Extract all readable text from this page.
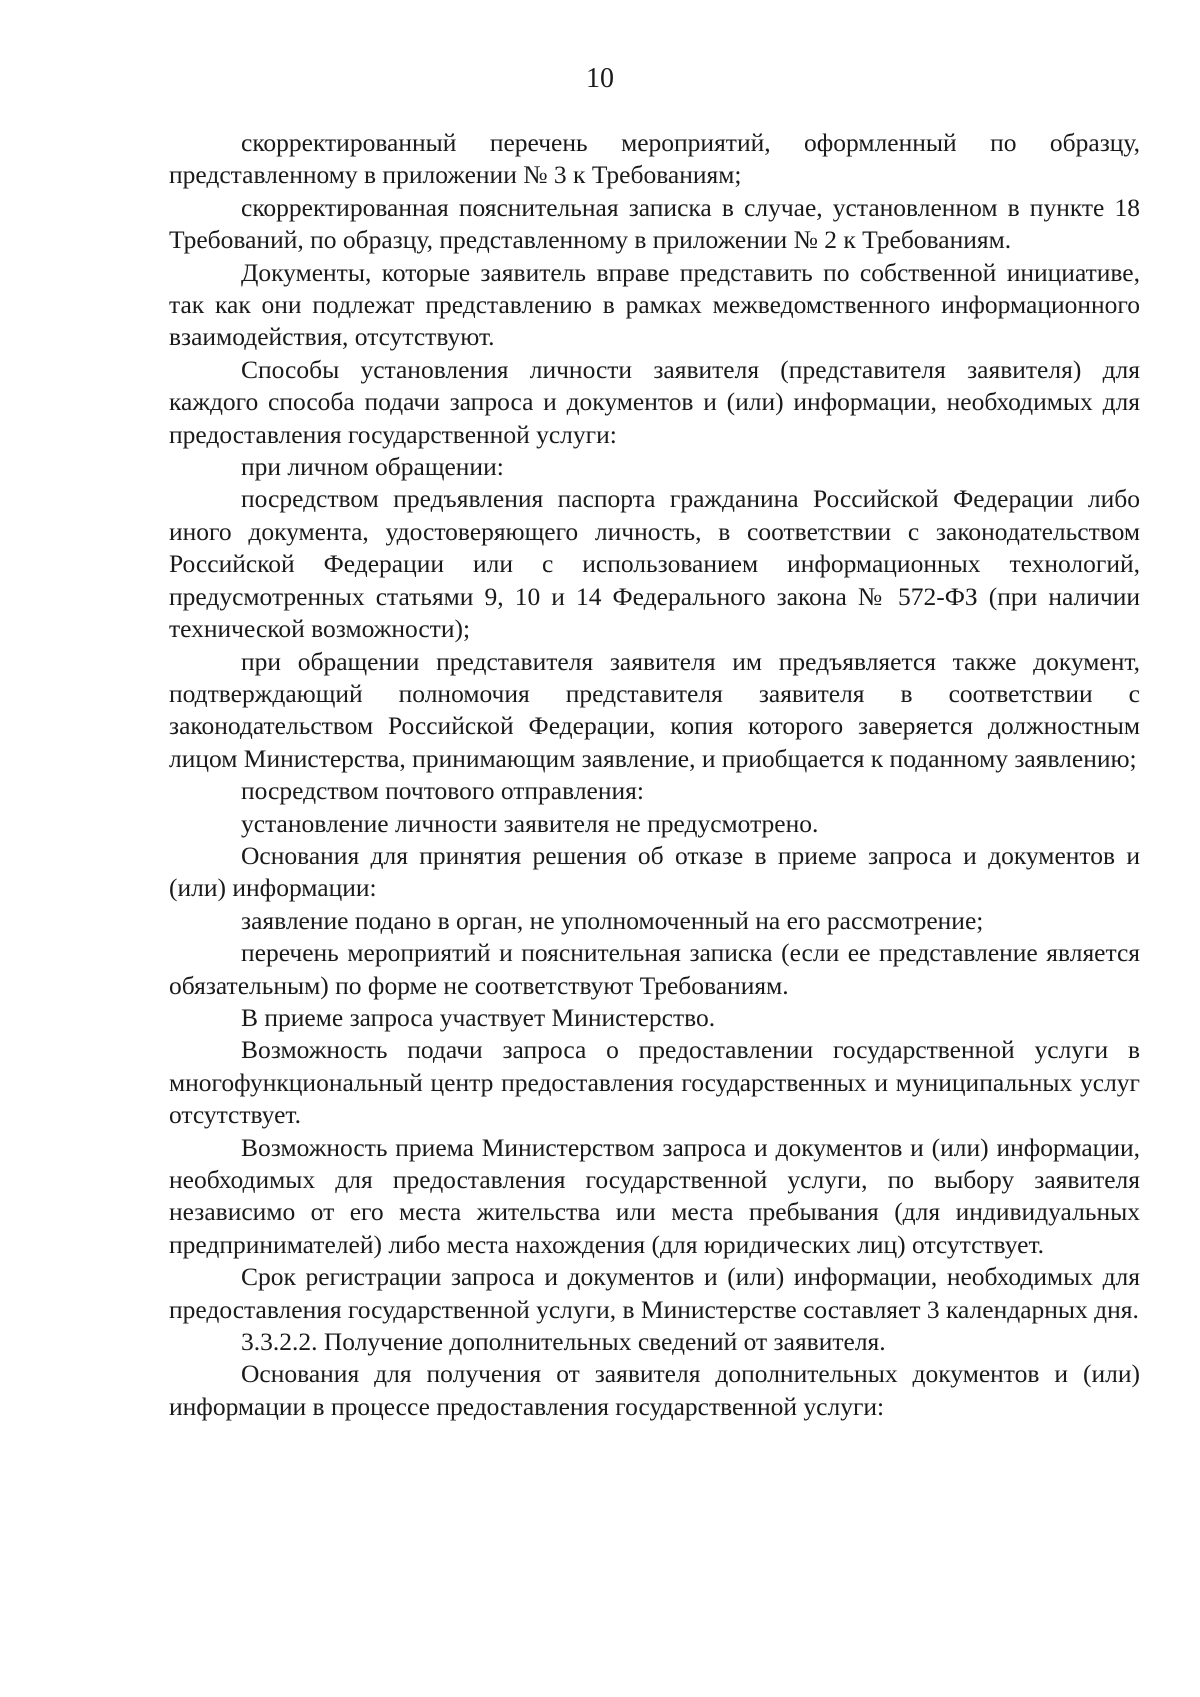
10

скорректированный перечень мероприятий, оформленный по образцу, представленному в приложении № 3 к Требованиям;

скорректированная пояснительная записка в случае, установленном в пункте 18 Требований, по образцу, представленному в приложении № 2 к Требованиям.

Документы, которые заявитель вправе представить по собственной инициативе, так как они подлежат представлению в рамках межведомственного информационного взаимодействия, отсутствуют.

Способы установления личности заявителя (представителя заявителя) для каждого способа подачи запроса и документов и (или) информации, необходимых для предоставления государственной услуги:

при личном обращении:

посредством предъявления паспорта гражданина Российской Федерации либо иного документа, удостоверяющего личность, в соответствии с законодательством Российской Федерации или с использованием информационных технологий, предусмотренных статьями 9, 10 и 14 Федерального закона № 572-ФЗ (при наличии технической возможности);

при обращении представителя заявителя им предъявляется также документ, подтверждающий полномочия представителя заявителя в соответствии с законодательством Российской Федерации, копия которого заверяется должностным лицом Министерства, принимающим заявление, и приобщается к поданному заявлению;

посредством почтового отправления:

установление личности заявителя не предусмотрено.

Основания для принятия решения об отказе в приеме запроса и документов и (или) информации:

заявление подано в орган, не уполномоченный на его рассмотрение;

перечень мероприятий и пояснительная записка (если ее представление является обязательным) по форме не соответствуют Требованиям.

В приеме запроса участвует Министерство.

Возможность подачи запроса о предоставлении государственной услуги в многофункциональный центр предоставления государственных и муниципальных услуг отсутствует.

Возможность приема Министерством запроса и документов и (или) информации, необходимых для предоставления государственной услуги, по выбору заявителя независимо от его места жительства или места пребывания (для индивидуальных предпринимателей) либо места нахождения (для юридических лиц) отсутствует.

Срок регистрации запроса и документов и (или) информации, необходимых для предоставления государственной услуги, в Министерстве составляет 3 календарных дня.

3.3.2.2. Получение дополнительных сведений от заявителя.

Основания для получения от заявителя дополнительных документов и (или) информации в процессе предоставления государственной услуги:
